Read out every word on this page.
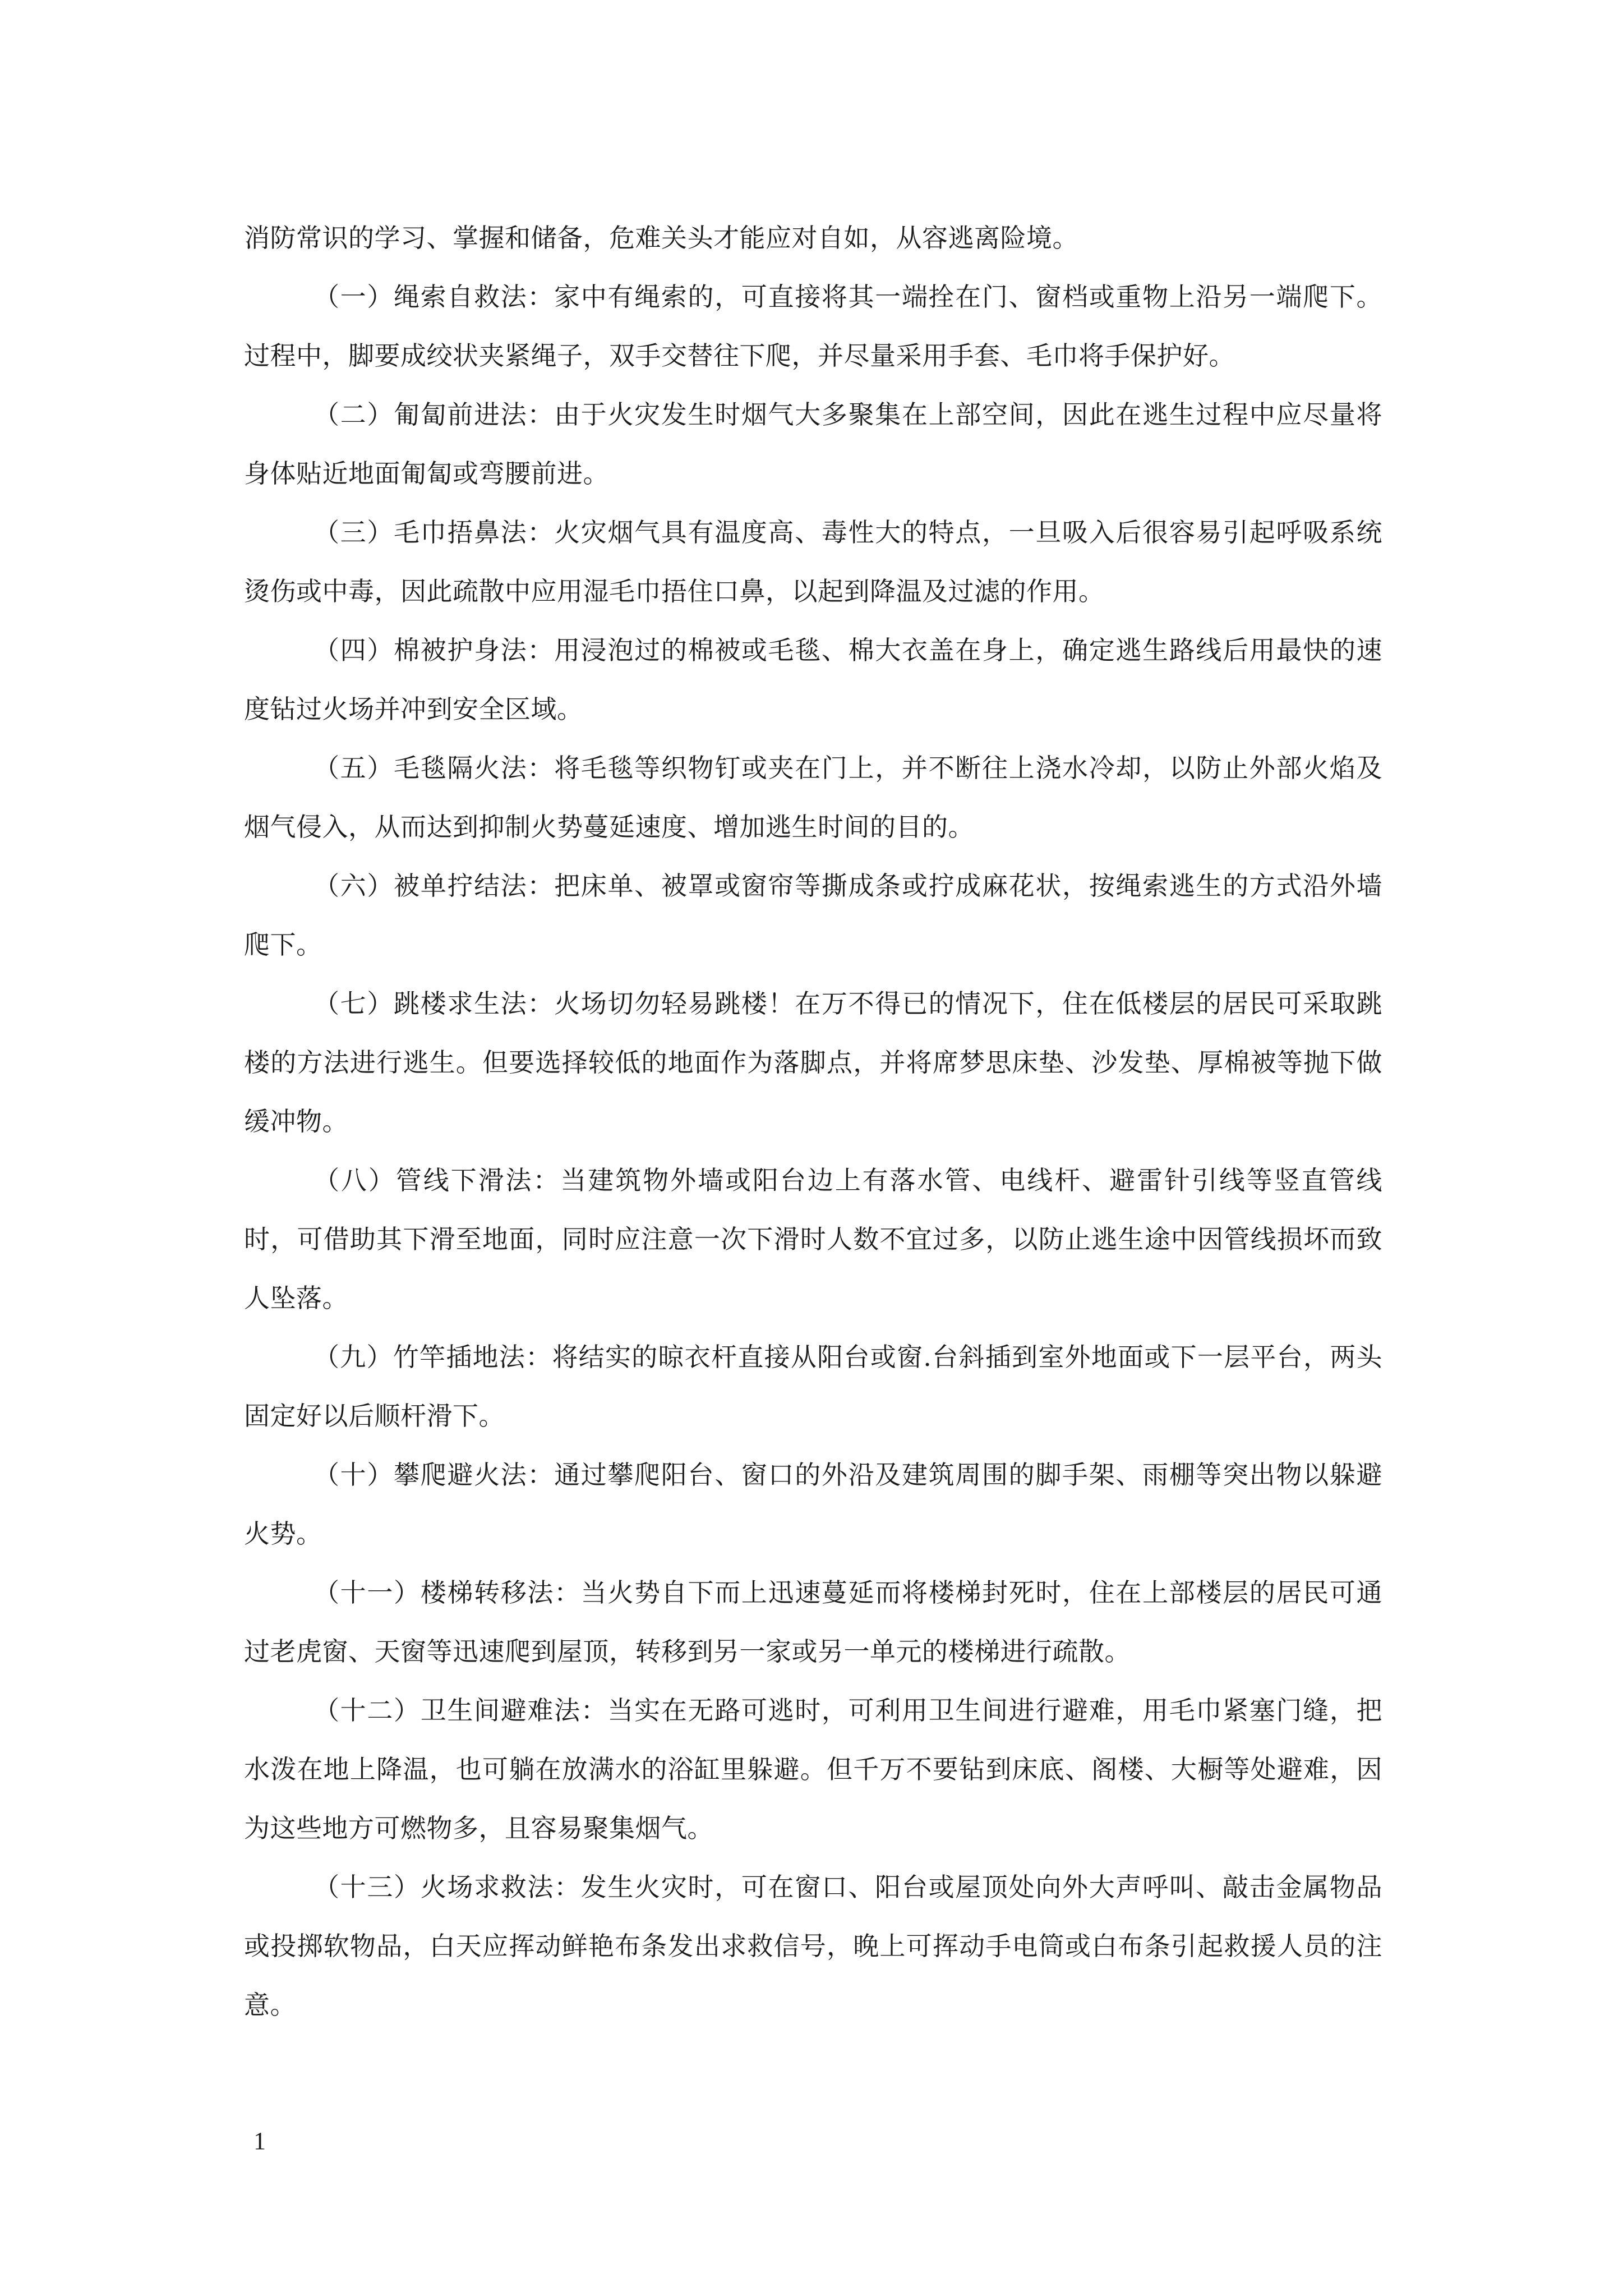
消防常识的学习、掌握和储备，危难关头才能应对自如，从容逃离险境。

（一）绳索自救法：家中有绳索的，可直接将其一端拴在门、窗档或重物上沿另一端爬下。过程中，脚要成绞状夹紧绳子，双手交替往下爬，并尽量采用手套、毛巾将手保护好。

（二）匍匐前进法：由于火灾发生时烟气大多聚集在上部空间，因此在逃生过程中应尽量将身体贴近地面匍匐或弯腰前进。

（三）毛巾捂鼻法：火灾烟气具有温度高、毒性大的特点，一旦吸入后很容易引起呼吸系统烫伤或中毒，因此疏散中应用湿毛巾捂住口鼻，以起到降温及过滤的作用。

（四）棉被护身法：用浸泡过的棉被或毛毯、棉大衣盖在身上，确定逃生路线后用最快的速度钻过火场并冲到安全区域。

（五）毛毯隔火法：将毛毯等织物钉或夹在门上，并不断往上浇水冷却，以防止外部火焰及烟气侵入，从而达到抑制火势蔓延速度、增加逃生时间的目的。

（六）被单拧结法：把床单、被罩或窗帘等撕成条或拧成麻花状，按绳索逃生的方式沿外墙爬下。

（七）跳楼求生法：火场切勿轻易跳楼！在万不得已的情况下，住在低楼层的居民可采取跳楼的方法进行逃生。但要选择较低的地面作为落脚点，并将席梦思床垫、沙发垫、厚棉被等抛下做缓冲物。

（八）管线下滑法：当建筑物外墙或阳台边上有落水管、电线杆、避雷针引线等竖直管线时，可借助其下滑至地面，同时应注意一次下滑时人数不宜过多，以防止逃生途中因管线损坏而致人坠落。

（九）竹竿插地法：将结实的晾衣杆直接从阳台或窗.台斜插到室外地面或下一层平台，两头固定好以后顺杆滑下。

（十）攀爬避火法：通过攀爬阳台、窗口的外沿及建筑周围的脚手架、雨棚等突出物以躲避火势。

（十一）楼梯转移法：当火势自下而上迅速蔓延而将楼梯封死时，住在上部楼层的居民可通过老虎窗、天窗等迅速爬到屋顶，转移到另一家或另一单元的楼梯进行疏散。

（十二）卫生间避难法：当实在无路可逃时，可利用卫生间进行避难，用毛巾紧塞门缝，把水泼在地上降温，也可躺在放满水的浴缸里躲避。但千万不要钻到床底、阁楼、大橱等处避难，因为这些地方可燃物多，且容易聚集烟气。

（十三）火场求救法：发生火灾时，可在窗口、阳台或屋顶处向外大声呼叫、敲击金属物品或投掷软物品，白天应挥动鲜艳布条发出求救信号，晚上可挥动手电筒或白布条引起救援人员的注意。

1
